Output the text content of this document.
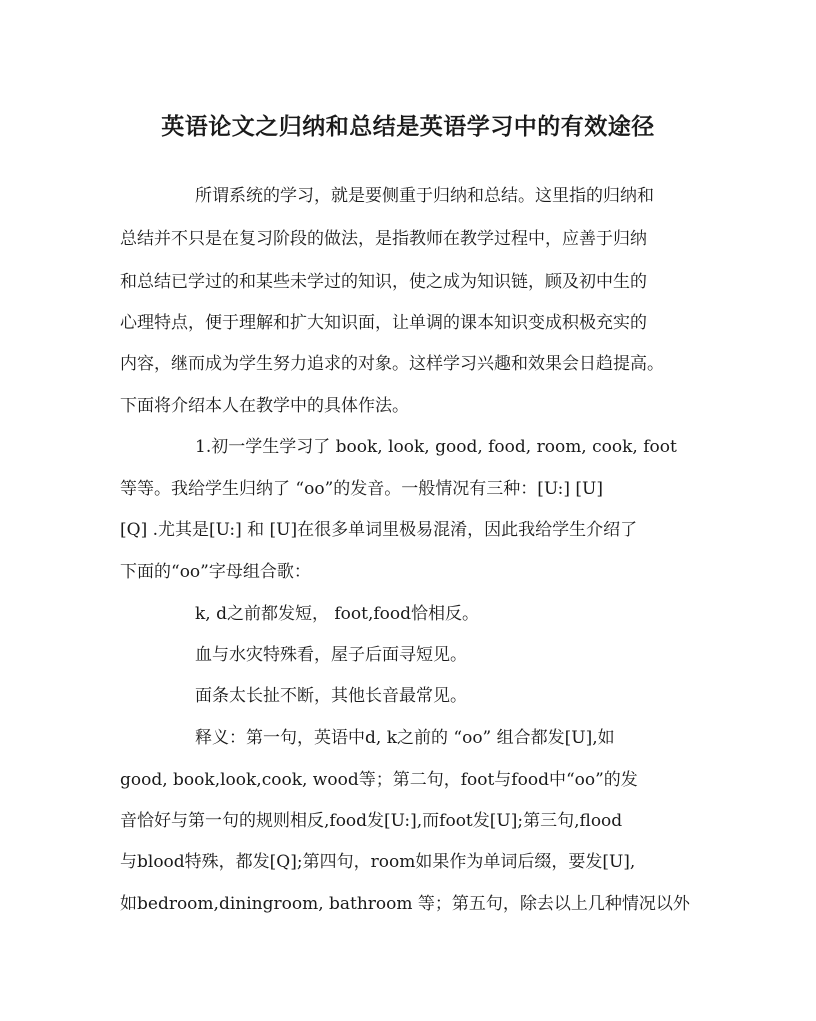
英语论文之归纳和总结是英语学习中的有效途径
所谓系统的学习，就是要侧重于归纳和总结。这里指的归纳和
总结并不只是在复习阶段的做法，是指教师在教学过程中，应善于归纳
和总结已学过的和某些未学过的知识，使之成为知识链，顾及初中生的
心理特点，便于理解和扩大知识面，让单调的课本知识变成积极充实的
内容，继而成为学生努力追求的对象。这样学习兴趣和效果会日趋提高。
下面将介绍本人在教学中的具体作法。
1.初一学生学习了 book, look, good, food, room, cook, foot
等等。我给学生归纳了 “oo”的发音。一般情况有三种：[U:] [U]
[Q] .尤其是[U:] 和 [U]在很多单词里极易混淆，因此我给学生介绍了
下面的“oo”字母组合歌：
k, d之前都发短， foot,food恰相反。
血与水灾特殊看，屋子后面寻短见。
面条太长扯不断，其他长音最常见。
释义：第一句，英语中d, k之前的 “oo” 组合都发[U],如
good, book,look,cook, wood等；第二句，foot与food中“oo”的发
音恰好与第一句的规则相反,food发[U:],而foot发[U];第三句,flood
与blood特殊，都发[Q];第四句，room如果作为单词后缀，要发[U],
如bedroom,diningroom, bathroom 等；第五句，除去以上几种情况以外
